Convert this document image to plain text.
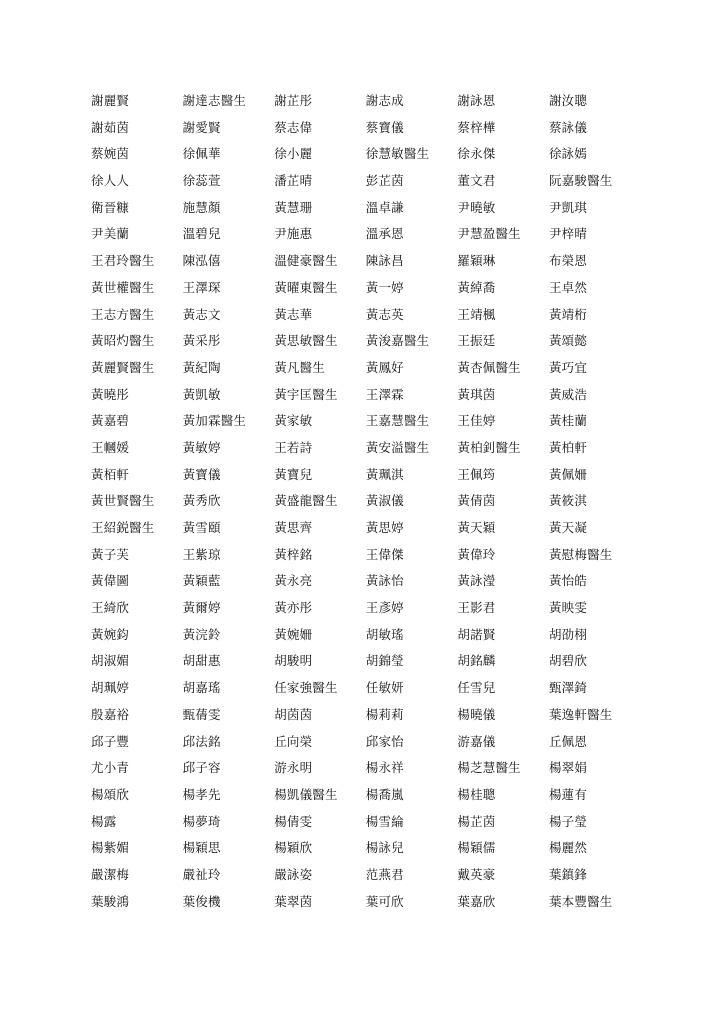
謝麗賢	謝達志醫生	謝芷彤	謝志成	謝詠恩	謝汝聰
謝茹茵	謝愛賢	蔡志偉	蔡寶儀	蔡梓樺	蔡詠儀
蔡婉茵	徐佩華	徐小麗	徐慧敏醫生	徐永傑	徐詠嫣
徐人人	徐蕊萱	潘芷晴	彭芷茵	董文君	阮嘉駿醫生
衛晉糠	施慧顏	黃慧珊	溫卓謙	尹曉敏	尹凱琪
尹美蘭	溫碧兒	尹施惠	溫承恩	尹慧盈醫生	尹梓晴
王君玲醫生	陳泓僖	溫健豪醫生	陳詠昌	羅穎琳	布榮恩
黃世權醫生	王澤琛	黃曜東醫生	黃一婷	黃綽喬	王卓然
王志方醫生	黃志文	黃志華	黃志英	王靖楓	黃靖桁
黃昭灼醫生	黃采彤	黃思敏醫生	黃浚嘉醫生	王振廷	黃頌懿
黃麗賢醫生	黃紀陶	黃凡醫生	黃鳳好	黃杏佩醫生	黃巧宜
黃曉彤	黃凱敏	黃宇匡醫生	王澤霖	黃琪茵	黃威浩
黃嘉碧	黃加霖醫生	黃家敏	王嘉慧醫生	王佳婷	黃桂蘭
王幗媛	黃敏婷	王若詩	黃安溢醫生	黃柏釗醫生	黃柏軒
黃栢軒	黃寶儀	黃寶兒	黃珮淇	王佩筠	黃佩姍
黃世賢醫生	黃秀欣	黃盛龍醫生	黃淑儀	黃倩茵	黃筱淇
王紹鋭醫生	黃雪頤	黃思齊	黃思婷	黃天穎	黃天凝
黃子芙	王紫琼	黃梓銘	王偉傑	黃偉玲	黃慰梅醫生
黃偉圖	黃穎藍	黃永亮	黃詠怡	黃詠瀅	黃怡皓
王綺欣	黃爾婷	黃亦彤	王彥婷	王影君	黃映雯
黃婉鈞	黃浣鈴	黃婉姍	胡敏瑤	胡諾賢	胡劭栩
胡淑媚	胡甜惠	胡駿明	胡錦瑩	胡銘麟	胡碧欣
胡珮婷	胡嘉瑤	任家強醫生	任敏妍	任雪兒	甄澤錡
殷嘉裕	甄蒨雯	胡茵茵	楊莉莉	楊曉儀	葉逸軒醫生
邱子豐	邱法銘	丘向榮	邱家怡	游嘉儀	丘佩恩
尤小青	邱子容	游永明	楊永祥	楊芝慧醫生	楊翠娟
楊頌欣	楊孝先	楊凱儀醫生	楊喬嵐	楊桂聰	楊蓮有
楊露	楊夢琦	楊倩雯	楊雪綸	楊芷茵	楊子瑩
楊紫媚	楊穎思	楊穎欣	楊詠兒	楊穎儒	楊麗然
嚴潔梅	嚴祉玲	嚴詠姿	范燕君	戴英豪	葉鎮鋒
葉駿鴻	葉俊機	葉翠茵	葉可欣	葉嘉欣	葉本豐醫生
